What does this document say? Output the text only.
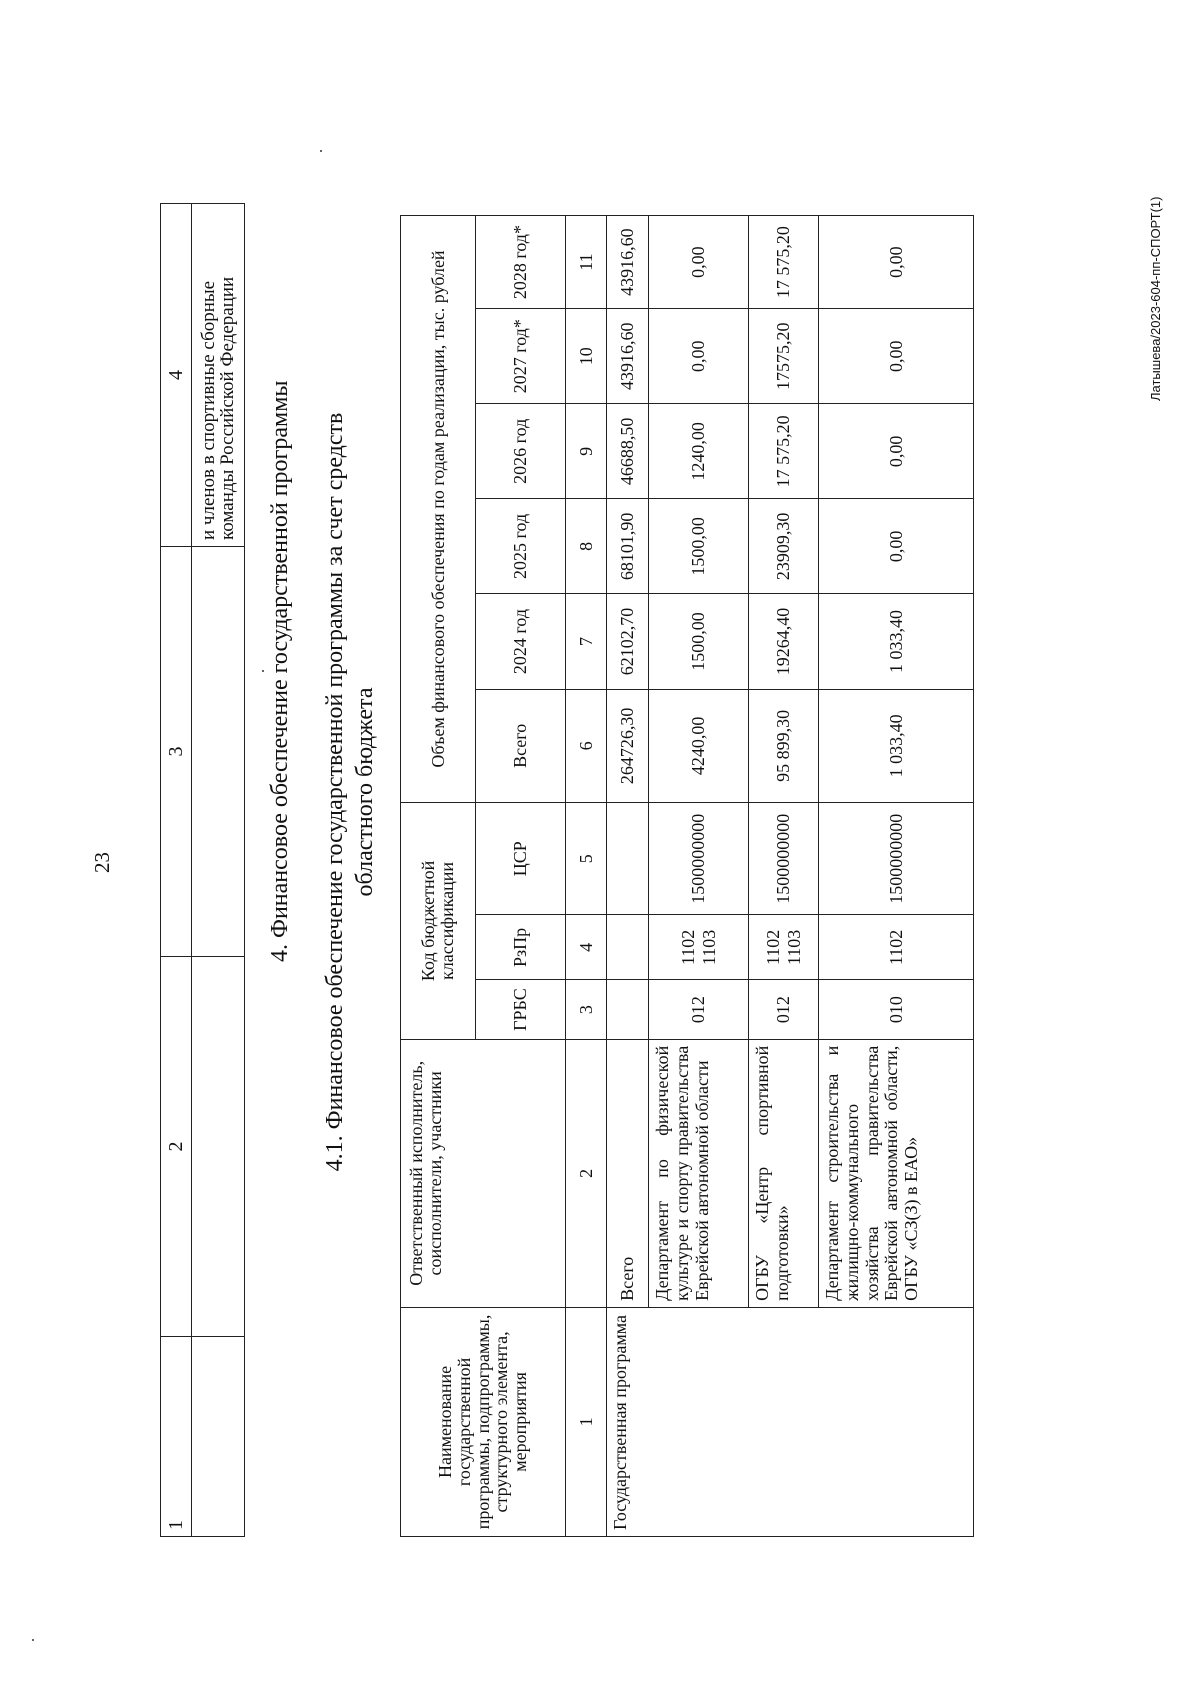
23
1	2	3	4
			и членов в спортивные сборные команды Российской Федерации 4. Финансовое обеспечение государственной программы 4.1. Финансовое обеспечение государственной программы за счет средств областного бюджета
Наименование государственной программы, подпрограммы, структурного элемента, мероприятия	Ответственный исполнитель, соисполнители, участники	Код бюджетной классификации			Объем финансового обеспечения по годам реализации, тыс. рублей					
		ГРБС	РзПр	ЦСР	Всего	2024 год	2025 год	2026 год	2027 год*	2028 год*
1	2	3	4	5	6	7	8	9	10	11
Государственная программа	Всего				264726,30	62102,70	68101,90	46688,50	43916,60	43916,60
	Департамент по физической культуре и спорту правительства Еврейской автономной области	012	1102 1103	1500000000	4240,00	1500,00	1500,00	1240,00	0,00	0,00
	ОГБУ «Центр спортивной подготовки»	012	1102 1103	1500000000	95 899,30	19264,40	23909,30	17 575,20	17575,20	17 575,20
	Департамент строительства и жилищно-коммунального хозяйства правительства Еврейской автономной области, ОГБУ «СЗ(З) в ЕАО»	010	1102	1500000000	1 033,40	1 033,40	0,00	0,00	0,00	0,00	Латышева/2023-604-пп-СПОРТ(1)
